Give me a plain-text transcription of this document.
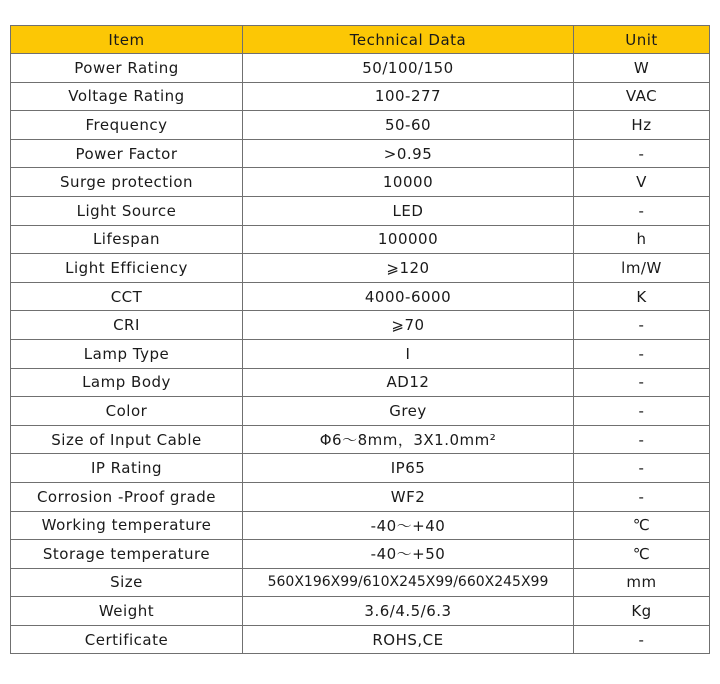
Item	Technical Data	Unit
Power Rating	50/100/150	W
Voltage Rating	100-277	VAC
Frequency	50-60	Hz
Power Factor	>0.95	-
Surge protection	10000	V
Light Source	LED	-
Lifespan	100000	h
Light Efficiency	⩾120	lm/W
CCT	4000-6000	K
CRI	⩾70	-
Lamp Type	I	-
Lamp Body	AD12	-
Color	Grey	-
Size of Input Cable	Φ6～8mm，3X1.0mm²	-
IP Rating	IP65	-
Corrosion -Proof grade	WF2	-
Working temperature	-40～+40	℃
Storage temperature	-40～+50	℃
Size	560X196X99/610X245X99/660X245X99	mm
Weight	3.6/4.5/6.3	Kg
Certificate	ROHS,CE	-
